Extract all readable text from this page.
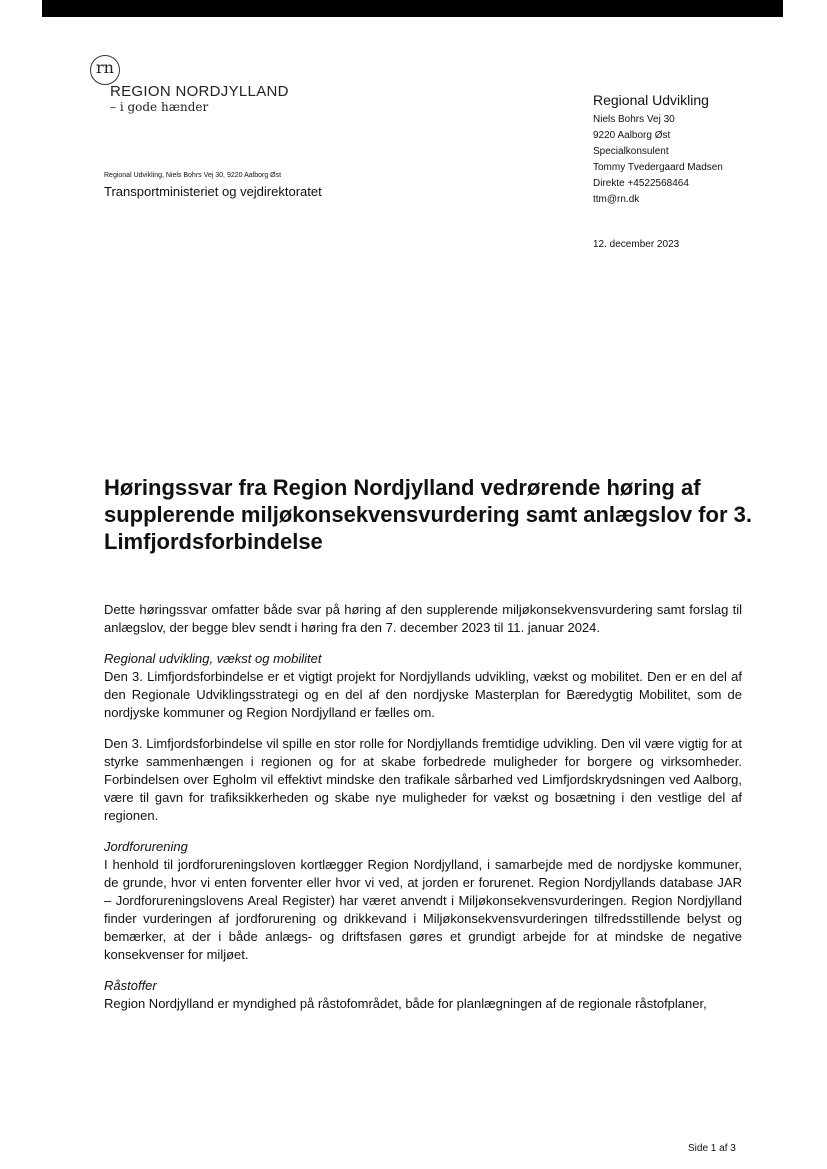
rn
REGION NORDJYLLAND
– i gode hænder
Regional Udvikling, Niels Bohrs Vej 30, 9220 Aalborg Øst
Transportministeriet og vejdirektoratet
Regional Udvikling
Niels Bohrs Vej 30
9220 Aalborg Øst
Specialkonsulent
Tommy Tvedergaard Madsen
Direkte +4522568464
ttm@rn.dk
12. december 2023
Høringssvar fra Region Nordjylland vedrørende høring af supplerende miljøkonsekvensvurdering samt anlægslov for 3. Limfjordsforbindelse

Dette høringssvar omfatter både svar på høring af den supplerende miljøkonsekvensvurdering samt forslag til anlægslov, der begge blev sendt i høring fra den 7. december 2023 til 11. januar 2024.

Regional udvikling, vækst og mobilitet

Den 3. Limfjordsforbindelse er et vigtigt projekt for Nordjyllands udvikling, vækst og mobilitet. Den er en del af den Regionale Udviklingsstrategi og en del af den nordjyske Masterplan for Bæredygtig Mobilitet, som de nordjyske kommuner og Region Nordjylland er fælles om.

Den 3. Limfjordsforbindelse vil spille en stor rolle for Nordjyllands fremtidige udvikling. Den vil være vigtig for at styrke sammenhængen i regionen og for at skabe forbedrede muligheder for borgere og virksomheder. Forbindelsen over Egholm vil effektivt mindske den trafikale sårbarhed ved Limfjordskrydsningen ved Aalborg, være til gavn for trafiksikkerheden og skabe nye muligheder for vækst og bosætning i den vestlige del af regionen.

Jordforurening

I henhold til jordforureningsloven kortlægger Region Nordjylland, i samarbejde med de nordjyske kommuner, de grunde, hvor vi enten forventer eller hvor vi ved, at jorden er forurenet. Region Nordjyllands database JAR – Jordforureningslovens Areal Register) har været anvendt i Miljøkonsekvensvurderingen. Region Nordjylland finder vurderingen af jordforurening og drikkevand i Miljøkonsekvensvurderingen tilfredsstillende belyst og bemærker, at der i både anlægs- og driftsfasen gøres et grundigt arbejde for at mindske de negative konsekvenser for miljøet.

Råstoffer

Region Nordjylland er myndighed på råstofområdet, både for planlægningen af de regionale råstofplaner,

Side 1 af 3
